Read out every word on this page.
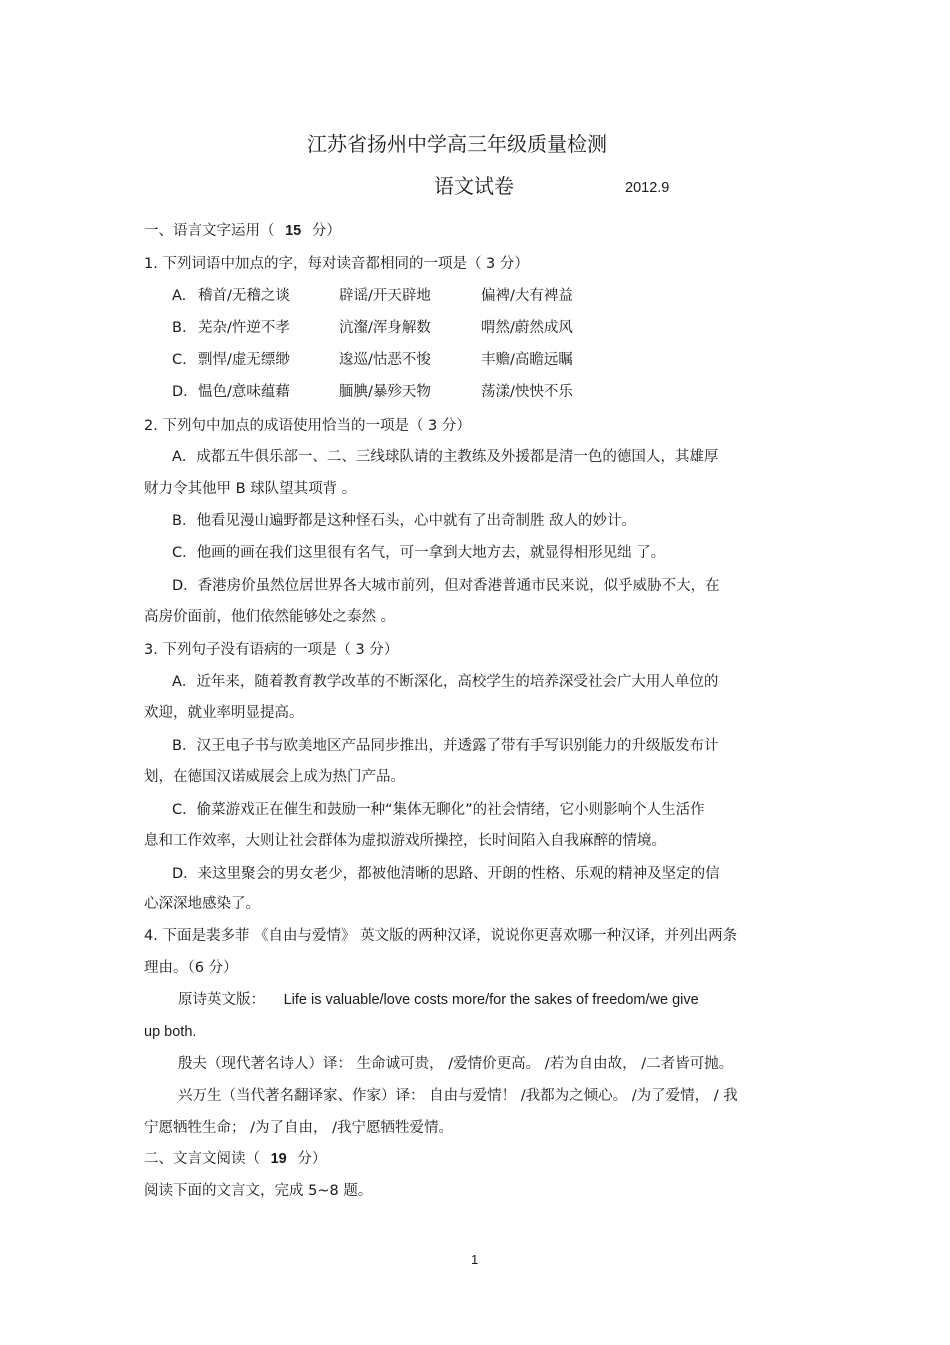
江苏省扬州中学高三年级质量检测
语文试卷	2012.9
一、语言文字运用（ 15 分）
1. 下列词语中加点的字，每对读音都相同的一项是（ 3 分）
A. 稽首/无稽之谈	辟谣/开天辟地	偏裨/大有裨益
B. 芜杂/忤逆不孝	沆瀣/浑身解数	喟然/蔚然成风
C. 剽悍/虚无缥缈	逡巡/怙恶不悛	丰赡/高瞻远瞩
D. 愠色/意味蕴藉	腼腆/暴殄天物	荡漾/怏怏不乐
2. 下列句中加点的成语使用恰当的一项是（ 3 分）
A．成都五牛俱乐部一、二、三线球队请的主教练及外援都是清一色的德国人，其雄厚
财力令其他甲 B 球队望其项背 。
B．他看见漫山遍野都是这种怪石头，心中就有了出奇制胜 敌人的妙计。
C．他画的画在我们这里很有名气，可一拿到大地方去，就显得相形见绌 了。
D．香港房价虽然位居世界各大城市前列，但对香港普通市民来说，似乎威胁不大，在
高房价面前，他们依然能够处之泰然 。
3. 下列句子没有语病的一项是（ 3 分）
A．近年来，随着教育教学改革的不断深化，高校学生的培养深受社会广大用人单位的
欢迎，就业率明显提高。
B．汉王电子书与欧美地区产品同步推出，并透露了带有手写识别能力的升级版发布计
划，在德国汉诺威展会上成为热门产品。
C．偷菜游戏正在催生和鼓励一种“集体无聊化”的社会情绪，它小则影响个人生活作
息和工作效率，大则让社会群体为虚拟游戏所操控，长时间陷入自我麻醉的情境。
D．来这里聚会的男女老少，都被他清晰的思路、开朗的性格、乐观的精神及坚定的信
心深深地感染了。
4. 下面是裴多菲 《自由与爱情》 英文版的两种汉译，说说你更喜欢哪一种汉译，并列出两条
理由。（6 分）
原诗英文版： Life is valuable/love costs more/for the sakes of freedom/we give
up both.
殷夫（现代著名诗人）译： 生命诚可贵， /爱情价更高。 /若为自由故， /二者皆可抛。
兴万生（当代著名翻译家、作家）译： 自由与爱情！ /我都为之倾心。 /为了爱情， / 我
宁愿牺牲生命； /为了自由， /我宁愿牺牲爱情。
二、文言文阅读（ 19 分）
阅读下面的文言文，完成 5~8 题。
1
